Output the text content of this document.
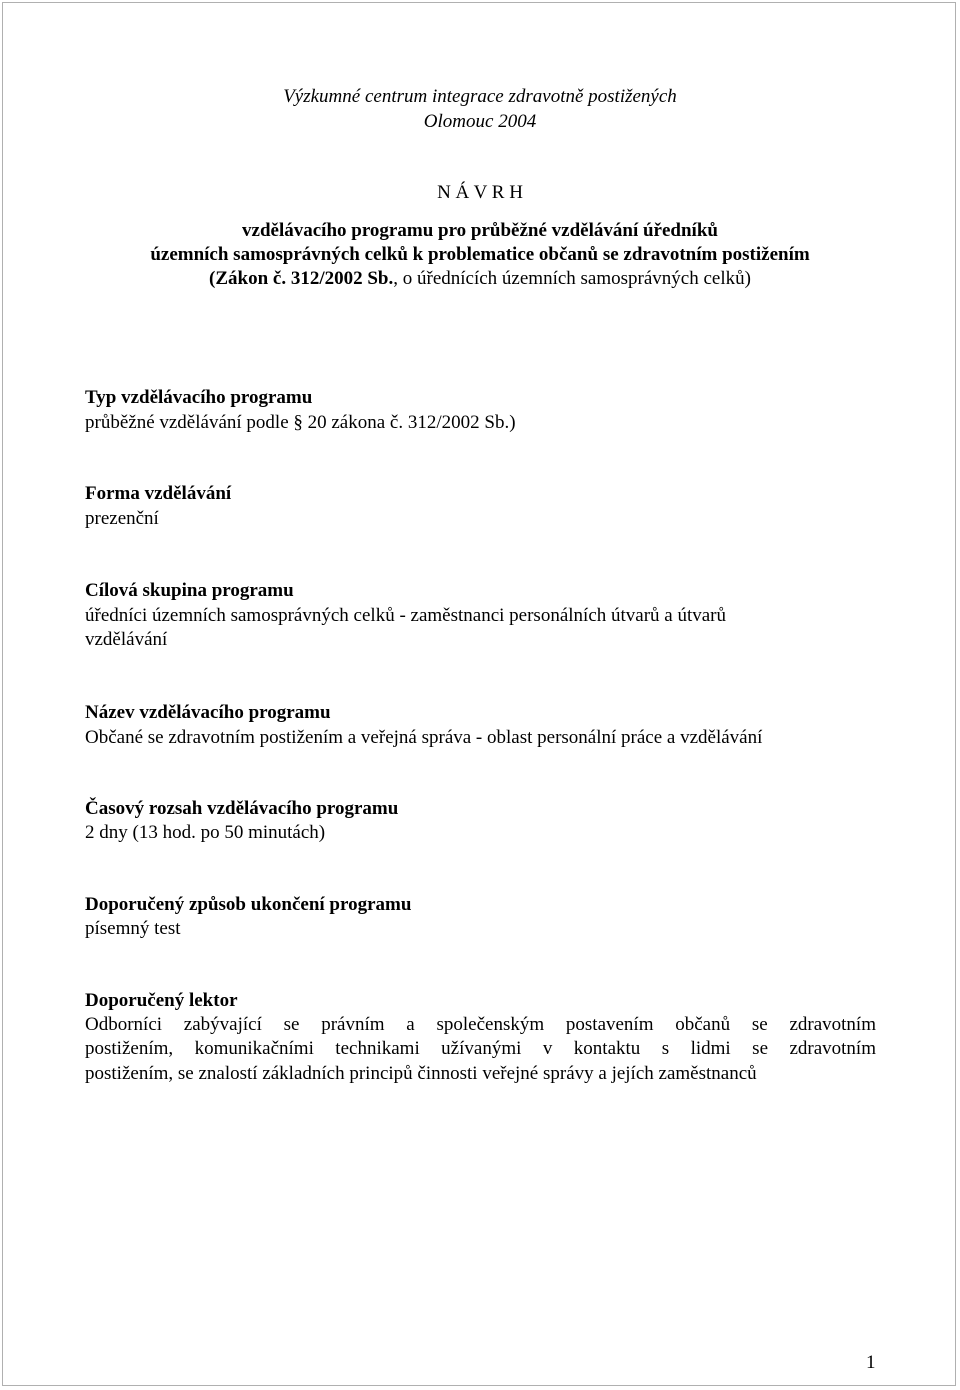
Výzkumné centrum integrace zdravotně postižených
Olomouc 2004
N Á V R H
vzdělávacího programu pro průběžné vzdělávání úředníků
územních samosprávných celků k problematice občanů se zdravotním postižením
(Zákon č. 312/2002 Sb., o úřednících územních samosprávných celků)
Typ vzdělávacího programu
průběžné vzdělávání podle § 20 zákona č. 312/2002 Sb.)
Forma vzdělávání
prezenční
Cílová skupina programu
úředníci územních samosprávných celků - zaměstnanci personálních útvarů a útvarů
vzdělávání
Název vzdělávacího programu
Občané se zdravotním postižením a veřejná správa - oblast personální práce a vzdělávání
Časový rozsah vzdělávacího programu
2 dny (13 hod. po 50 minutách)
Doporučený způsob ukončení programu
písemný test
Doporučený lektor
Odborníci zabývající se právním a společenským postavením občanů se zdravotním
postižením, komunikačními technikami užívanými v kontaktu s lidmi se zdravotním
postižením, se znalostí základních principů činnosti veřejné správy a jejích zaměstnanců
1
